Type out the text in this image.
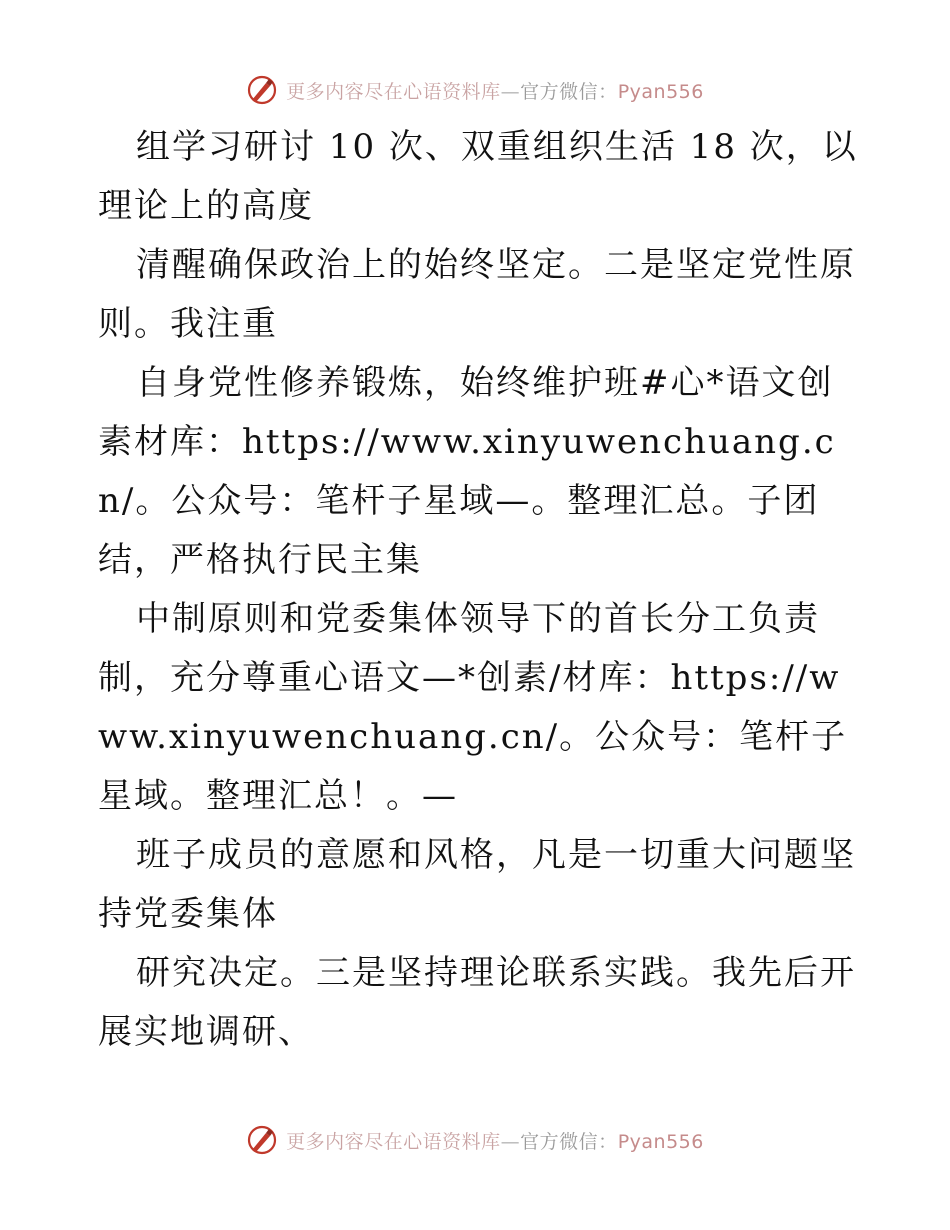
更多内容尽在心语资料库—官方微信：Pyan556

组学习研讨 10 次、双重组织生活 18 次，以理论上的高度

清醒确保政治上的始终坚定。二是坚定党性原则。我注重

自身党性修养锻炼，始终维护班#心*语文创素材库：https://www.xinyuwenchuang.cn/。公众号：笔杆子星域—。整理汇总。子团结，严格执行民主集

中制原则和党委集体领导下的首长分工负责制，充分尊重心语文—*创素/材库：https://www.xinyuwenchuang.cn/。公众号：笔杆子星域。整理汇总！。—

班子成员的意愿和风格，凡是一切重大问题坚持党委集体

研究决定。三是坚持理论联系实践。我先后开展实地调研、

更多内容尽在心语资料库—官方微信：Pyan556
